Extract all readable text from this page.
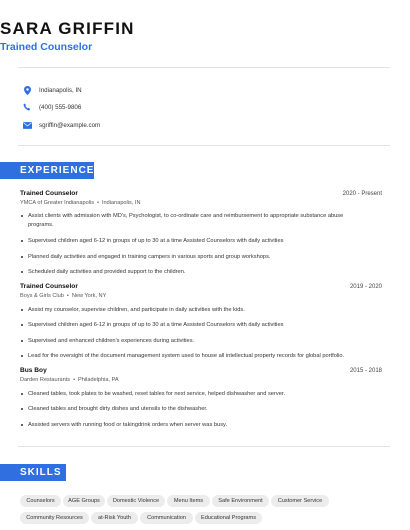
SARA GRIFFIN
Trained Counselor
Indianapolis, IN
(400) 555-9806
sgriffin@example.com
EXPERIENCE
Trained Counselor	2020 - Present
YMCA of Greater Indianapolis • Indianapolis, IN
Assist clients with admission with MD's, Psychologist, to co-ordinate care and reimbursement to appropriate substance abuse programs.
Supervised children aged 6-12 in groups of up to 30 at a time Assisted Counselors with daily activities
Planned daily activities and engaged in training campers in various sports and group workshops.
Scheduled daily activities and provided support to the children.
Trained Counselor	2019 - 2020
Boys & Girls Club • New York, NY
Assist my counselor, supervise children, and participate in daily activities with the kids.
Supervised children aged 6-12 in groups of up to 30 at a time Assisted Counselors with daily activities
Supervised and enhanced children's experiences during activities.
Lead for the oversight of the document management system used to house all intellectual property records for global portfolio.
Bus Boy	2015 - 2018
Darden Restaurants • Philadelphia, PA
Cleaned tables, took plates to be washed, reset tables for next service, helped dishwasher and server.
Cleaned tables and brought dirty dishes and utensils to the dishwasher.
Assisted servers with running food or takingdrink orders when server was busy.
SKILLS
Counselors	AGE Groups	Domestic Violence	Menu Items	Safe Environment	Customer Service
Community Resources	at-Risk Youth	Communication	Educational Programs
